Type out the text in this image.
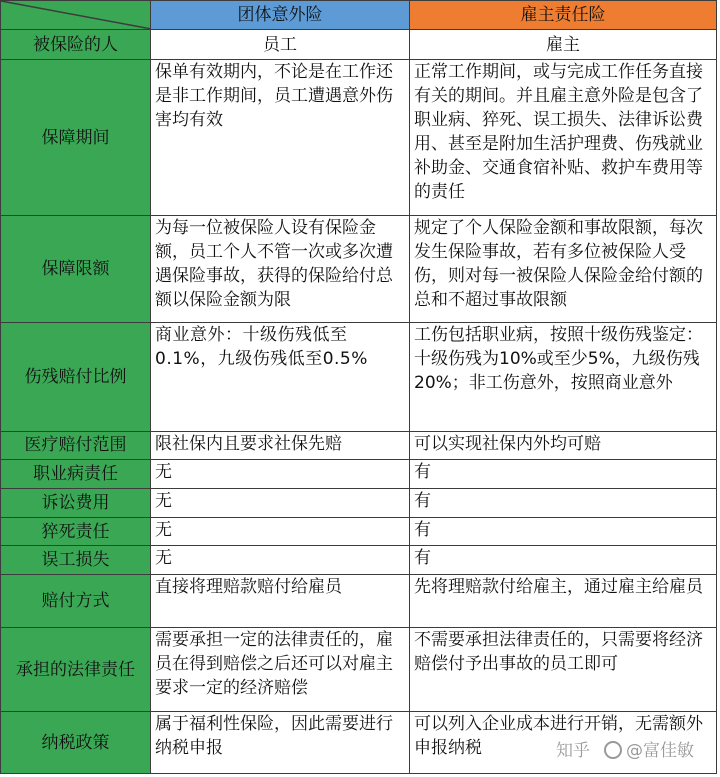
	团体意外险	雇主责任险
被保险的人	员工	雇主
保障期间	保单有效期内，不论是在工作还是非工作期间，员工遭遇意外伤害均有效	正常工作期间，或与完成工作任务直接有关的期间。并且雇主意外险是包含了职业病、猝死、误工损失、法律诉讼费用、甚至是附加生活护理费、伤残就业补助金、交通食宿补贴、救护车费用等的责任
保障限额	为每一位被保险人设有保险金额，员工个人不管一次或多次遭遇保险事故，获得的保险给付总额以保险金额为限	规定了个人保险金额和事故限额，每次发生保险事故，若有多位被保险人受伤，则对每一被保险人保险金给付额的总和不超过事故限额
伤残赔付比例	商业意外：十级伤残低至0.1%，九级伤残低至0.5%	工伤包括职业病，按照十级伤残鉴定：十级伤残为10%或至少5%，九级伤残20%；非工伤意外，按照商业意外
医疗赔付范围	限社保内且要求社保先赔	可以实现社保内外均可赔
职业病责任	无	有
诉讼费用	无	有
猝死责任	无	有
误工损失	无	有
赔付方式	直接将理赔款赔付给雇员	先将理赔款付给雇主，通过雇主给雇员
承担的法律责任	需要承担一定的法律责任的，雇员在得到赔偿之后还可以对雇主要求一定的经济赔偿	不需要承担法律责任的，只需要将经济赔偿付予出事故的员工即可
纳税政策	属于福利性保险，因此需要进行纳税申报	可以列入企业成本进行开销，无需额外申报纳税	知乎 @富佳敏
